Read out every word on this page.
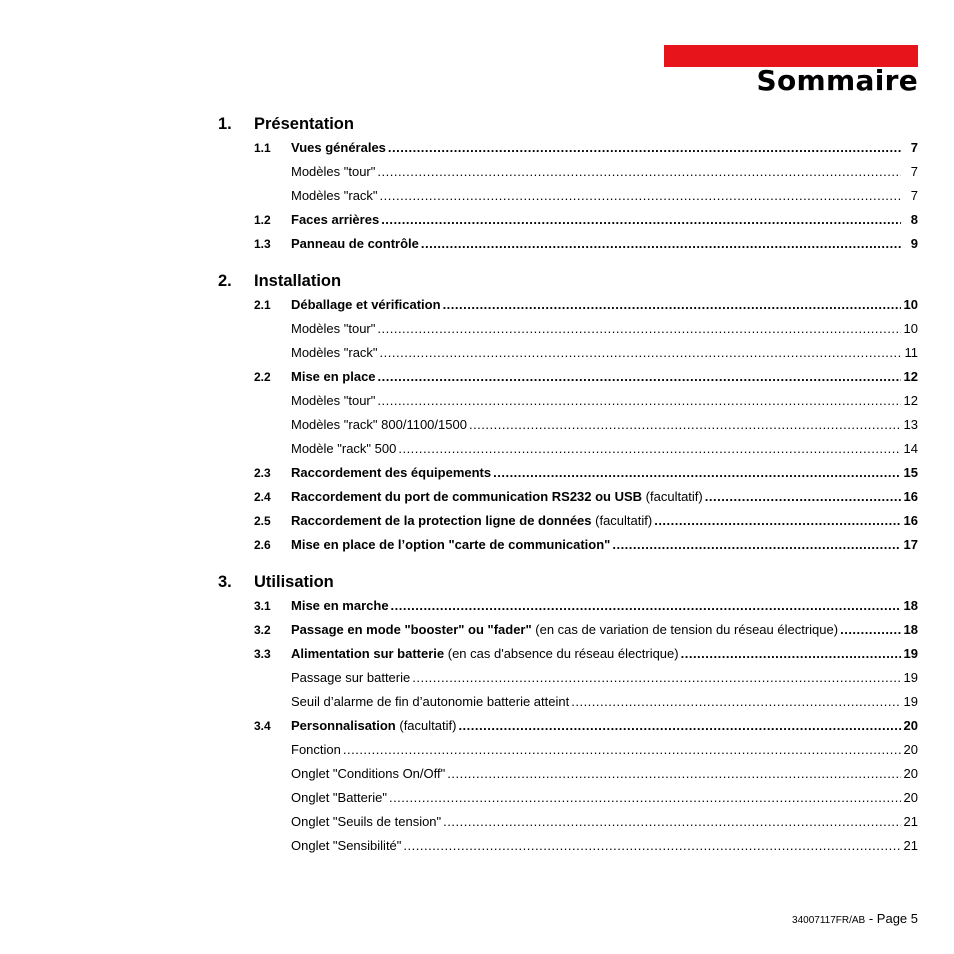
Sommaire
1. Présentation
1.1	Vues générales .....	7
Modèles "tour" .....	7
Modèles "rack" .....	7
1.2	Faces arrières .....	8
1.3	Panneau de contrôle .....	9
2. Installation
2.1	Déballage et vérification .....	10
Modèles "tour" .....	10
Modèles "rack" .....	11
2.2	Mise en place .....	12
Modèles "tour" .....	12
Modèles "rack" 800/1100/1500 .....	13
Modèle "rack" 500 .....	14
2.3	Raccordement des équipements .....	15
2.4	Raccordement du port de communication RS232 ou USB (facultatif) .....	16
2.5	Raccordement de la protection ligne de données (facultatif) .....	16
2.6	Mise en place de l’option "carte de communication" .....	17
3. Utilisation
3.1	Mise en marche .....	18
3.2	Passage en mode "booster" ou "fader" (en cas de variation de tension du réseau électrique) .....	18
3.3	Alimentation sur batterie (en cas d'absence du réseau électrique) .....	19
Passage sur batterie .....	19
Seuil d’alarme de fin d’autonomie batterie atteint .....	19
3.4	Personnalisation (facultatif) .....	20
Fonction .....	20
Onglet "Conditions On/Off" .....	20
Onglet "Batterie" .....	20
Onglet "Seuils de tension" .....	21
Onglet "Sensibilité" .....	21
34007117FR/AB - Page 5
